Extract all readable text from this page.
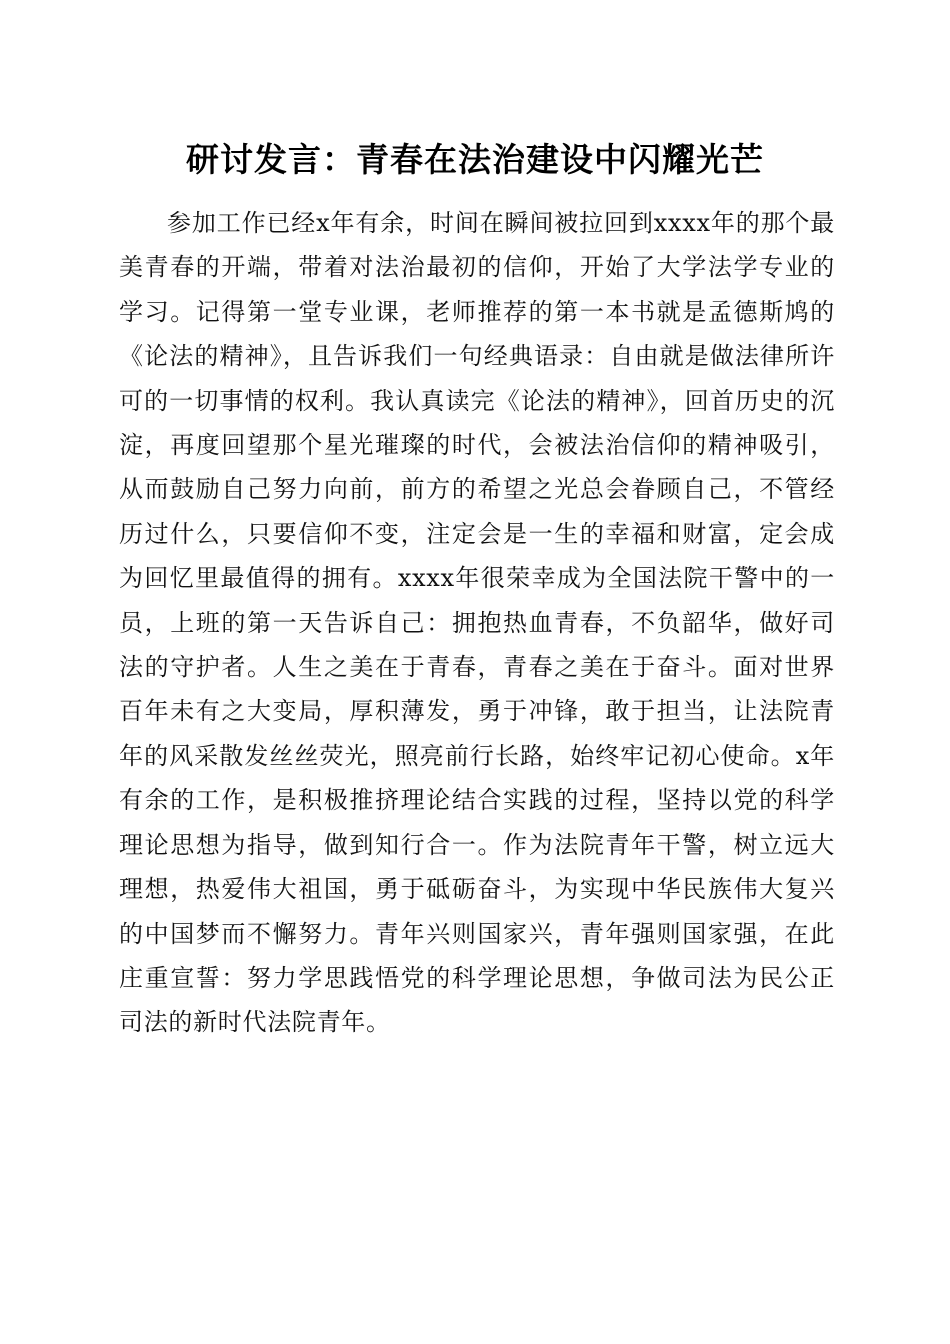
研讨发言：青春在法治建设中闪耀光芒

参加工作已经x年有余，时间在瞬间被拉回到xxxx年的那个最美青春的开端，带着对法治最初的信仰，开始了大学法学专业的学习。记得第一堂专业课，老师推荐的第一本书就是孟德斯鸠的《论法的精神》，且告诉我们一句经典语录：自由就是做法律所许可的一切事情的权利。我认真读完《论法的精神》，回首历史的沉淀，再度回望那个星光璀璨的时代，会被法治信仰的精神吸引，从而鼓励自己努力向前，前方的希望之光总会眷顾自己，不管经历过什么，只要信仰不变，注定会是一生的幸福和财富，定会成为回忆里最值得的拥有。xxxx年很荣幸成为全国法院干警中的一员，上班的第一天告诉自己：拥抱热血青春，不负韶华，做好司法的守护者。人生之美在于青春，青春之美在于奋斗。面对世界百年未有之大变局，厚积薄发，勇于冲锋，敢于担当，让法院青年的风采散发丝丝荧光，照亮前行长路，始终牢记初心使命。x年有余的工作，是积极推挤理论结合实践的过程，坚持以党的科学理论思想为指导，做到知行合一。作为法院青年干警，树立远大理想，热爱伟大祖国，勇于砥砺奋斗，为实现中华民族伟大复兴的中国梦而不懈努力。青年兴则国家兴，青年强则国家强，在此庄重宣誓：努力学思践悟党的科学理论思想，争做司法为民公正司法的新时代法院青年。
